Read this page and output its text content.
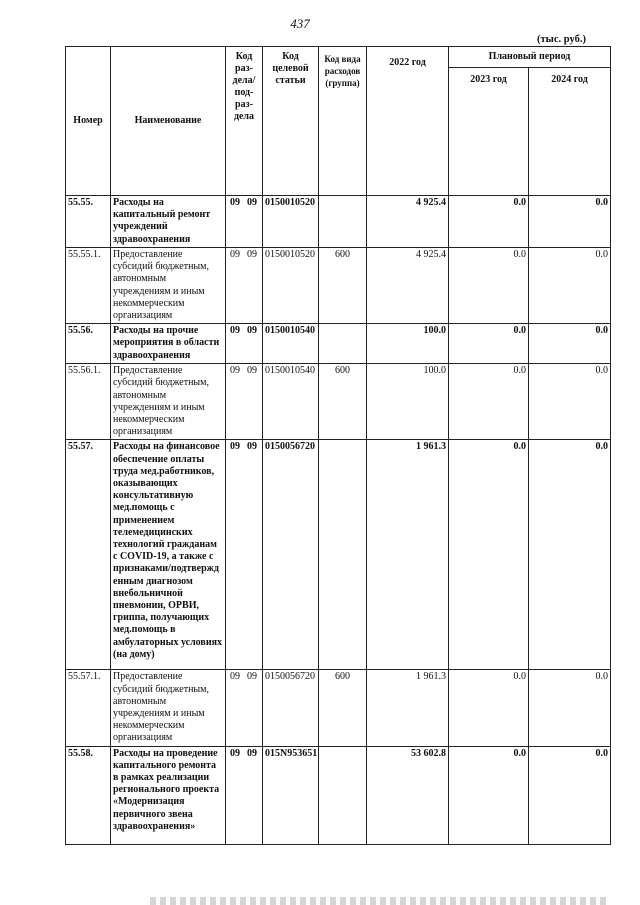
437
(тыс. руб.)
Номер	Наименование	Код раз-дела/ под-раз-дела	Код целевой статьи	Код вида расходов (группа)	2022 год	Плановый период	
						2023 год	2024 год
55.55.	Расходы на капитальный ремонт учреждений здравоохранения	09 09	0150010520		4 925.4	0.0	0.0
55.55.1.	Предоставление субсидий бюджетным, автономным учреждениям и иным некоммерческим организациям	09 09	0150010520	600	4 925.4	0.0	0.0
55.56.	Расходы на прочие мероприятия в области здравоохранения	09 09	0150010540		100.0	0.0	0.0
55.56.1.	Предоставление субсидий бюджетным, автономным учреждениям и иным некоммерческим организациям	09 09	0150010540	600	100.0	0.0	0.0
55.57.	Расходы на финансовое обеспечение оплаты труда мед.работников, оказывающих консультативную мед.помощь с применением телемедицинских технологий гражданам с COVID-19, а также с признаками/подтвержд енным диагнозом внебольничной пневмонии, ОРВИ, гриппа, получающих мед.помощь в амбулаторных условиях (на дому)	09 09	0150056720		1 961.3	0.0	0.0
55.57.1.	Предоставление субсидий бюджетным, автономным учреждениям и иным некоммерческим организациям	09 09	0150056720	600	1 961.3	0.0	0.0
55.58.	Расходы на проведение капитального ремонта в рамках реализации регионального проекта «Модернизация первичного звена здравоохранения»	09 09	015N953651		53 602.8	0.0	0.0
